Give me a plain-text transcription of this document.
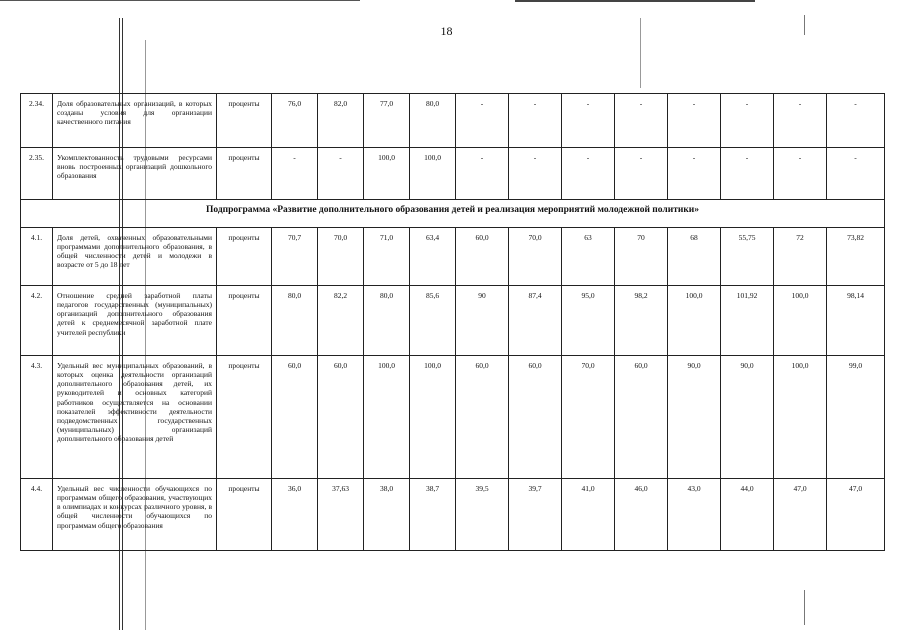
18
2.34.	Доля образовательных организаций, в которых созданы условия для организации качественного питания	проценты	76,0	82,0	77,0	80,0	-	-	-	-	-	-	-	-
2.35.	Укомплектованность трудовыми ресурсами вновь построенных организаций дошкольного образования	проценты	-	-	100,0	100,0	-	-	-	-	-	-	-	-
Подпрограмма «Развитие дополнительного образования детей и реализация мероприятий молодежной политики»														
4.1.	Доля детей, охваченных образовательными программами дополнительного образования, в общей численности детей и молодежи в возрасте от 5 до 18 лет	проценты	70,7	70,0	71,0	63,4	60,0	70,0	63	70	68	55,75	72	73,82
4.2.	Отношение средней заработной платы педагогов государственных (муниципальных) организаций дополнительного образования детей к среднемесячной заработной плате учителей республики	проценты	80,0	82,2	80,0	85,6	90	87,4	95,0	98,2	100,0	101,92	100,0	98,14
4.3.	Удельный вес муниципальных образований, в которых оценка деятельности организаций дополнительного образования детей, их руководителей и основных категорий работников осуществляется на основании показателей эффективности деятельности подведомственных государственных (муниципальных) организаций дополнительного образования детей	проценты	60,0	60,0	100,0	100,0	60,0	60,0	70,0	60,0	90,0	90,0	100,0	99,0
4.4.	Удельный вес численности обучающихся по программам общего образования, участвующих в олимпиадах и конкурсах различного уровня, в общей численности обучающихся по программам общего образования	проценты	36,0	37,63	38,0	38,7	39,5	39,7	41,0	46,0	43,0	44,0	47,0	47,0
